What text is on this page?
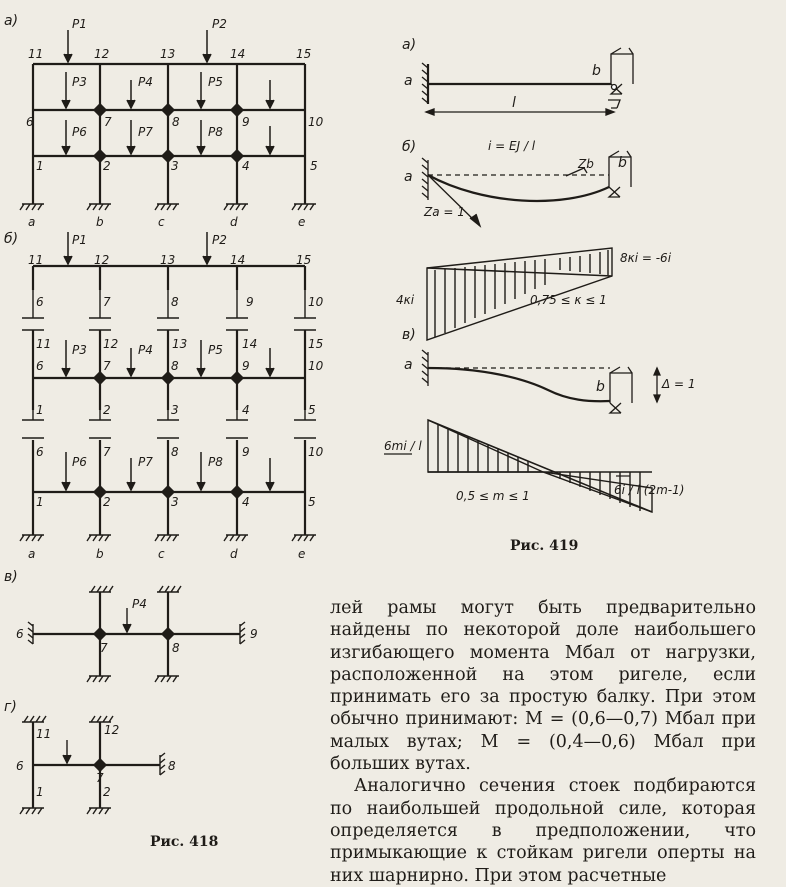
а)	P1	P2
11	12	13	14	15
P3	P4	P5
6	7	8	9	10
P6	P7	P8
1	2	3	4	5
а	b	c	d	е
б)	P1	P2
11	12	13	14	15
6	7	8	9	10
11	12	13	14	15
P3	P4	P5
6	7	8	9	10
1	2	3	4	5
6	7	8	9	10
P6	P7	P8
1	2	3	4	5
а	b	c	d	е
в)
P4
6
7	8
9
г)
11	12
6
7
8
1	2
Рис. 418
а)
а
b
l
б)	i = EJ / l
а
b
Zb
Za = 1
4κi
8κi = -6i
0,75 ≤ κ ≤ 1
в)
а
b	Δ = 1
6mi / l
6i / l (2m-1)
0,5 ≤ m ≤ 1
Рис. 419

лей рамы могут быть предварительно найдены по некоторой доле наибольшего изгибающего момента Mбал от нагрузки, расположенной на этом ригеле, если принимать его за простую балку. При этом обычно принимают: M = (0,6—0,7) Mбал при малых вутах; M = (0,4—0,6) Mбал при больших вутах.

Аналогично сечения стоек подбираются по наибольшей продольной силе, которая определяется в предположении, что примыкающие к стойкам ригели оперты на них шарнирно. При этом расчетные
